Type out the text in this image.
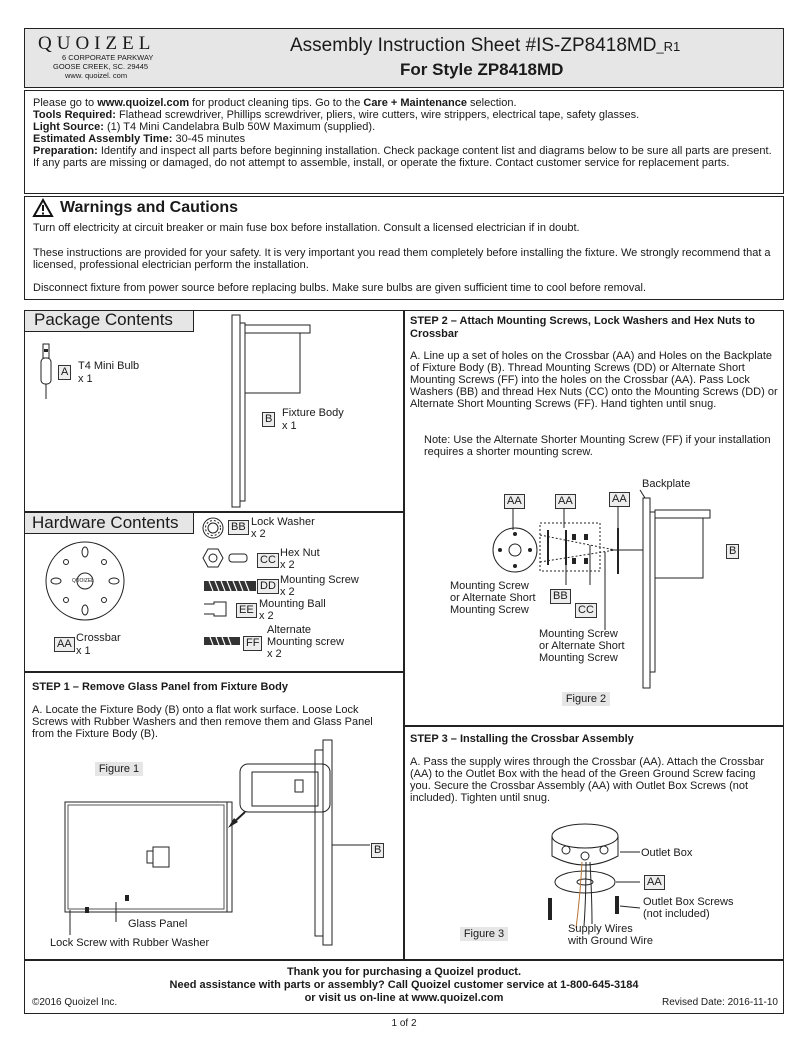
QUOIZEL
6 CORPORATE PARKWAY
GOOSE CREEK, SC. 29445
www. quoizel. com
Assembly Instruction Sheet #IS-ZP8418MD_R1
For Style ZP8418MD
Please go to www.quoizel.com for product cleaning tips. Go to the Care + Maintenance selection.
Tools Required: Flathead screwdriver, Phillips screwdriver, pliers, wire cutters, wire strippers, electrical tape, safety glasses.
Light Source: (1) T4 Mini Candelabra Bulb 50W Maximum (supplied).
Estimated Assembly Time: 30-45 minutes
Preparation: Identify and inspect all parts before beginning installation. Check package content list and diagrams below to be sure all parts are present. If any parts are missing or damaged, do not attempt to assemble, install, or operate the fixture. Contact customer service for replacement parts.
Warnings and Cautions
Turn off electricity at circuit breaker or main fuse box before installation. Consult a licensed electrician if in doubt.
These instructions are provided for your safety. It is very important you read them completely before installing the fixture. We strongly recommend that a licensed, professional electrician perform the installation.
Disconnect fixture from power source before replacing bulbs. Make sure bulbs are given sufficient time to cool before removal.
Package Contents
A T4 Mini Bulb
x 1
B Fixture Body
x 1
Hardware Contents
QUOIZEL
AA Crossbar
x 1
BB Lock Washer
x 2
CC
Hex Nut
x 2
DD Mounting Screw
x 2
EE Mounting Ball
x 2
FF
Alternate
Mounting screw
x 2
STEP 1 – Remove Glass Panel from Fixture Body
A. Locate the Fixture Body (B) onto a flat work surface. Loose Lock Screws with Rubber Washers and then remove them and Glass Panel from the Fixture Body (B).
Figure 1
B
Glass Panel
Lock Screw with Rubber Washer
STEP 2 – Attach Mounting Screws, Lock Washers and Hex Nuts to Crossbar
A. Line up a set of holes on the Crossbar (AA) and Holes on the Backplate of Fixture Body (B). Thread Mounting Screws (DD) or Alternate Short Mounting Screws (FF) into the holes on the Crossbar (AA). Pass Lock Washers (BB) and thread Hex Nuts (CC) onto the Mounting Screws (DD) or Alternate Short Mounting Screws (FF). Hand tighten until snug.
Note: Use the Alternate Shorter Mounting Screw (FF) if your installation requires a shorter mounting screw.
AA	AA	AA
Backplate
B
Mounting Screw
or Alternate Short
Mounting Screw
BB
CC
Mounting Screw
or Alternate Short
Mounting Screw
Figure 2
STEP 3 – Installing the Crossbar Assembly
A. Pass the supply wires through the Crossbar (AA). Attach the Crossbar (AA) to the Outlet Box with the head of the Green Ground Screw facing you. Secure the Crossbar Assembly (AA) with Outlet Box Screws (not included). Tighten until snug.
Outlet Box
AA
Outlet Box Screws
(not included)
Supply Wires
with Ground Wire
Figure 3
Thank you for purchasing a Quoizel product.
Need assistance with parts or assembly? Call Quoizel customer service at 1-800-645-3184
or visit us on-line at www.quoizel.com
©2016 Quoizel Inc.	Revised Date: 2016-11-10
1 of 2
